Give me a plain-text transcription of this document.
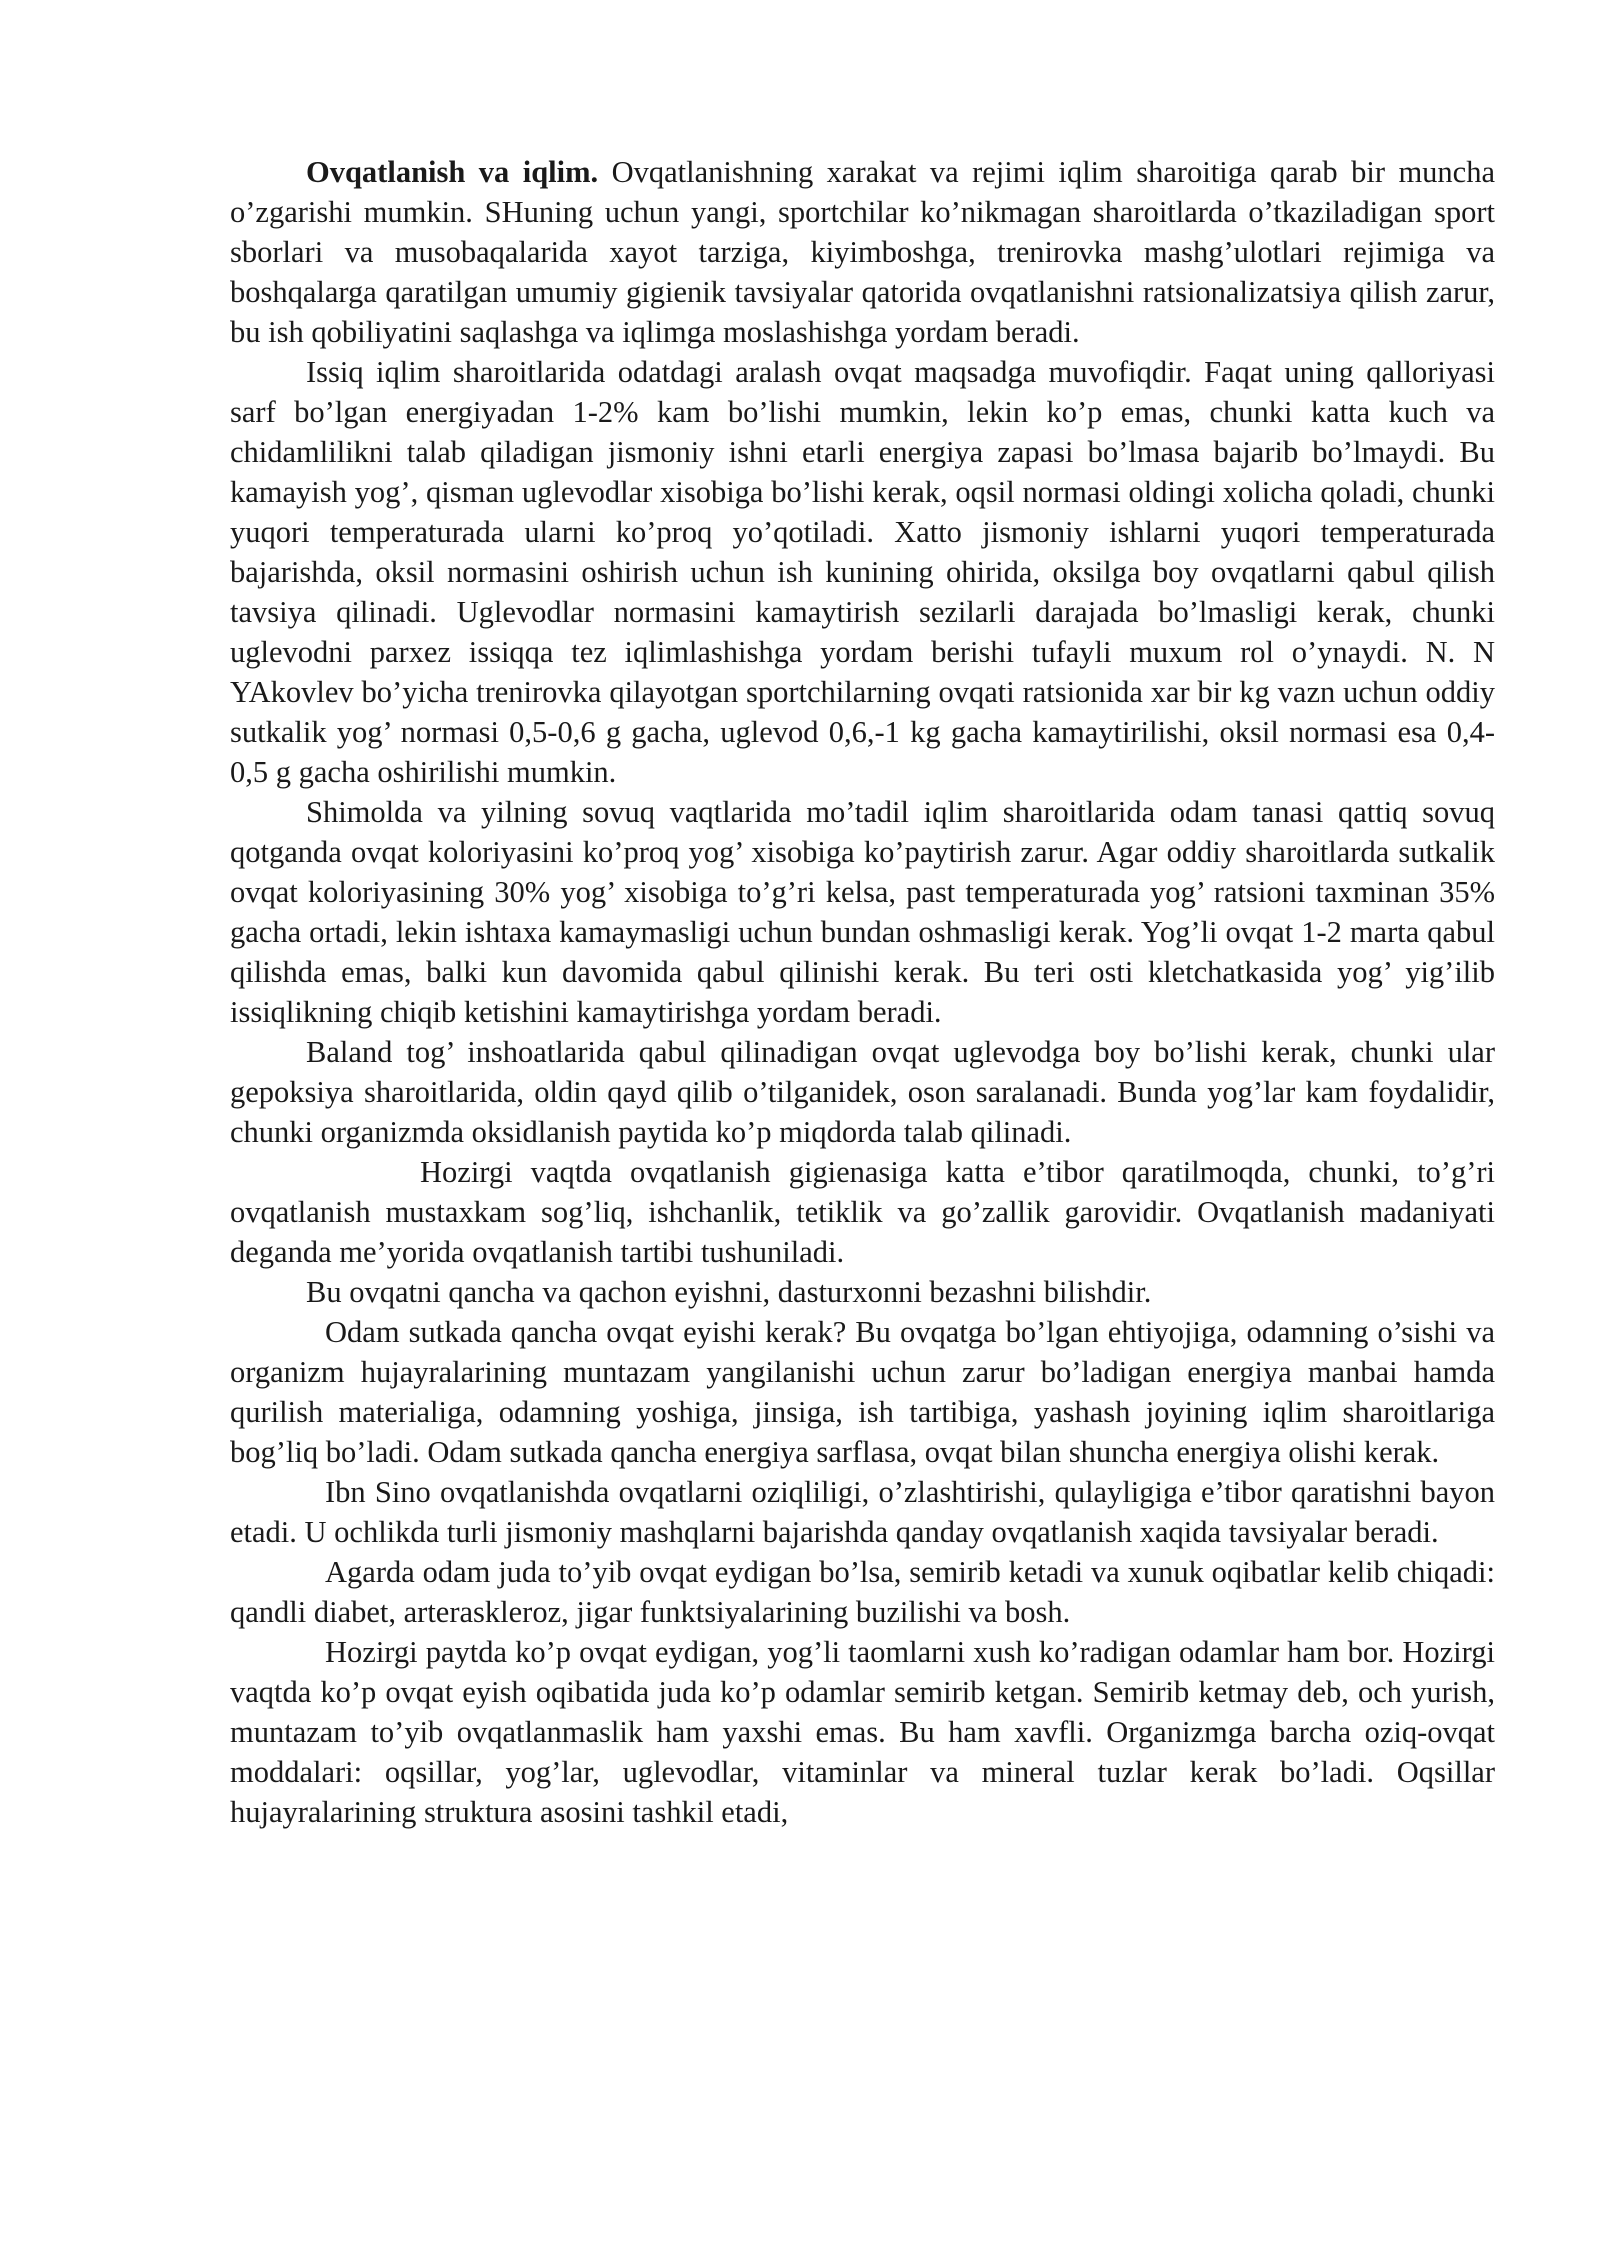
Ovqatlanish va iqlim. Ovqatlanishning xarakat va rejimi iqlim sharoitiga qarab bir muncha o’zgarishi mumkin. SHuning uchun yangi, sportchilar ko’nikmagan sharoitlarda o’tkaziladigan sport sborlari va musobaqalarida xayot tarziga, kiyimboshga, trenirovka mashg’ulotlari rejimiga va boshqalarga qaratilgan umumiy gigienik tavsiyalar qatorida ovqatlanishni ratsionalizatsiya qilish zarur, bu ish qobiliyatini saqlashga va iqlimga moslashishga yordam beradi.

Issiq iqlim sharoitlarida odatdagi aralash ovqat maqsadga muvofiqdir. Faqat uning qalloriyasi sarf bo’lgan energiyadan 1-2% kam bo’lishi mumkin, lekin ko’p emas, chunki katta kuch va chidamlilikni talab qiladigan jismoniy ishni etarli energiya zapasi bo’lmasa bajarib bo’lmaydi. Bu kamayish yog’, qisman uglevodlar xisobiga bo’lishi kerak, oqsil normasi oldingi xolicha qoladi, chunki yuqori temperaturada ularni ko’proq yo’qotiladi. Xatto jismoniy ishlarni yuqori temperaturada bajarishda, oksil normasini oshirish uchun ish kunining ohirida, oksilga boy ovqatlarni qabul qilish tavsiya qilinadi. Uglevodlar normasini kamaytirish sezilarli darajada bo’lmasligi kerak, chunki uglevodni parxez issiqqa tez iqlimlashishga yordam berishi tufayli muxum rol o’ynaydi. N. N YAkovlev bo’yicha trenirovka qilayotgan sportchilarning ovqati ratsionida xar bir kg vazn uchun oddiy sutkalik yog’ normasi 0,5-0,6 g gacha, uglevod 0,6,-1 kg gacha kamaytirilishi, oksil normasi esa 0,4-0,5 g gacha oshirilishi mumkin.

Shimolda va yilning sovuq vaqtlarida mo’tadil iqlim sharoitlarida odam tanasi qattiq sovuq qotganda ovqat koloriyasini ko’proq yog’ xisobiga ko’paytirish zarur. Agar oddiy sharoitlarda sutkalik ovqat koloriyasining 30% yog’ xisobiga to’g’ri kelsa, past temperaturada yog’ ratsioni taxminan 35% gacha ortadi, lekin ishtaxa kamaymasligi uchun bundan oshmasligi kerak. Yog’li ovqat 1-2 marta qabul qilishda emas, balki kun davomida qabul qilinishi kerak. Bu teri osti kletchatkasida yog’ yig’ilib issiqlikning chiqib ketishini kamaytirishga yordam beradi.

Baland tog’ inshoatlarida qabul qilinadigan ovqat uglevodga boy bo’lishi kerak, chunki ular gepoksiya sharoitlarida, oldin qayd qilib o’tilganidek, oson saralanadi. Bunda yog’lar kam foydalidir, chunki organizmda oksidlanish paytida ko’p miqdorda talab qilinadi.

Hozirgi vaqtda ovqatlanish gigienasiga katta e’tibor qaratilmoqda, chunki, to’g’ri ovqatlanish mustaxkam sog’liq, ishchanlik, tetiklik va go’zallik garovidir. Ovqatlanish madaniyati deganda me’yorida ovqatlanish tartibi tushuniladi.

Bu ovqatni qancha va qachon eyishni, dasturxonni bezashni bilishdir.

Odam sutkada qancha ovqat eyishi kerak? Bu ovqatga bo’lgan ehtiyojiga, odamning o’sishi va organizm hujayralarining muntazam yangilanishi uchun zarur bo’ladigan energiya manbai hamda qurilish materialiga, odamning yoshiga, jinsiga, ish tartibiga, yashash joyining iqlim sharoitlariga bog’liq bo’ladi. Odam sutkada qancha energiya sarflasa, ovqat bilan shuncha energiya olishi kerak.

Ibn Sino ovqatlanishda ovqatlarni oziqliligi, o’zlashtirishi, qulayligiga e’tibor qaratishni bayon etadi. U ochlikda turli jismoniy mashqlarni bajarishda qanday ovqatlanish xaqida tavsiyalar beradi.

Agarda odam juda to’yib ovqat eydigan bo’lsa, semirib ketadi va xunuk oqibatlar kelib chiqadi: qandli diabet, arteraskleroz, jigar funktsiyalarining buzilishi va bosh.

Hozirgi paytda ko’p ovqat eydigan, yog’li taomlarni xush ko’radigan odamlar ham bor. Hozirgi vaqtda ko’p ovqat eyish oqibatida juda ko’p odamlar semirib ketgan. Semirib ketmay deb, och yurish, muntazam to’yib ovqatlanmaslik ham yaxshi emas. Bu ham xavfli. Organizmga barcha oziq-ovqat moddalari: oqsillar, yog’lar, uglevodlar, vitaminlar va mineral tuzlar kerak bo’ladi. Oqsillar hujayralarining struktura asosini tashkil etadi,
